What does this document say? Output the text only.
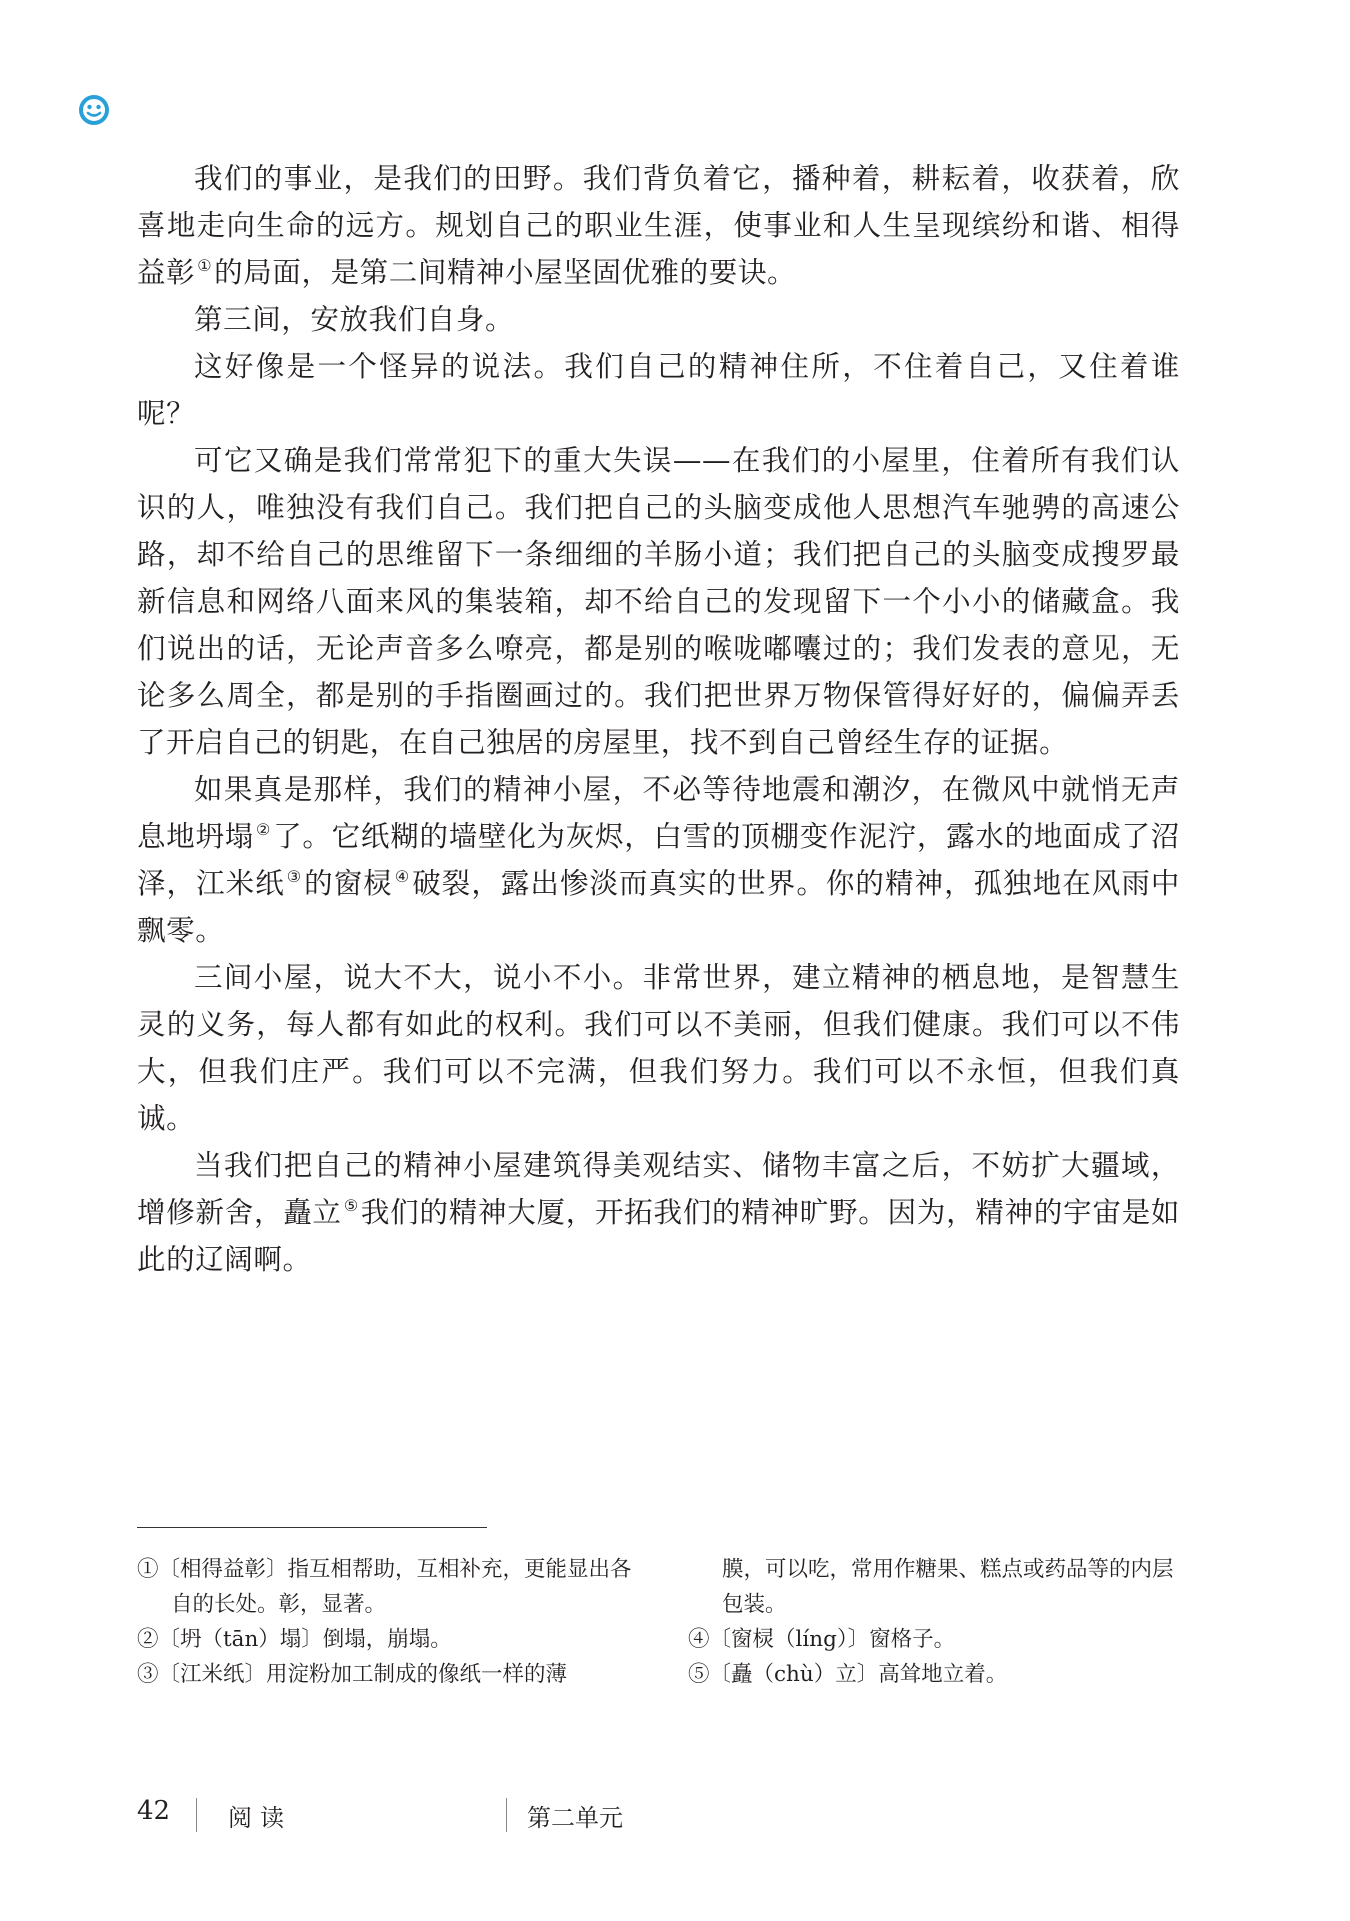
我们的事业，是我们的田野。我们背负着它，播种着，耕耘着，收获着，欣喜地走向生命的远方。规划自己的职业生涯，使事业和人生呈现缤纷和谐、相得益彰 ①的局面，是第二间精神小屋坚固优雅的要诀。

第三间，安放我们自身。

这好像是一个怪异的说法。我们自己的精神住所，不住着自己，又住着谁呢？

可它又确是我们常常犯下的重大失误——在我们的小屋里，住着所有我们认识的人，唯独没有我们自己。我们把自己的头脑变成他人思想汽车驰骋的高速公路，却不给自己的思维留下一条细细的羊肠小道；我们把自己的头脑变成搜罗最新信息和网络八面来风的集装箱，却不给自己的发现留下一个小小的储藏盒。我们说出的话，无论声音多么嘹亮，都是别的喉咙嘟囔过的；我们发表的意见，无论多么周全，都是别的手指圈画过的。我们把世界万物保管得好好的，偏偏弄丢了开启自己的钥匙，在自己独居的房屋里，找不到自己曾经生存的证据。

如果真是那样，我们的精神小屋，不必等待地震和潮汐，在微风中就悄无声息地坍塌 ②了。它纸糊的墙壁化为灰烬，白雪的顶棚变作泥泞，露水的地面成了沼泽，江米纸 ③的窗棂 ④破裂，露出惨淡而真实的世界。你的精神，孤独地在风雨中飘零。

三间小屋，说大不大，说小不小。非常世界，建立精神的栖息地，是智慧生灵的义务，每人都有如此的权利。我们可以不美丽，但我们健康。我们可以不伟大，但我们庄严。我们可以不完满，但我们努力。我们可以不永恒，但我们真诚。

当我们把自己的精神小屋建筑得美观结实、储物丰富之后，不妨扩大疆域，增修新舍，矗立 ⑤我们的精神大厦，开拓我们的精神旷野。因为，精神的宇宙是如此的辽阔啊。

①〔相得益彰〕指互相帮助，互相补充，更能显出各自的长处。彰，显著。

②〔坍（tān）塌〕倒塌，崩塌。

③〔江米纸〕用淀粉加工制成的像纸一样的薄

膜，可以吃，常用作糖果、糕点或药品等的内层包装。

④〔窗棂（líng）〕窗格子。

⑤〔矗（chù）立〕高耸地立着。

42 阅读	第二单元
